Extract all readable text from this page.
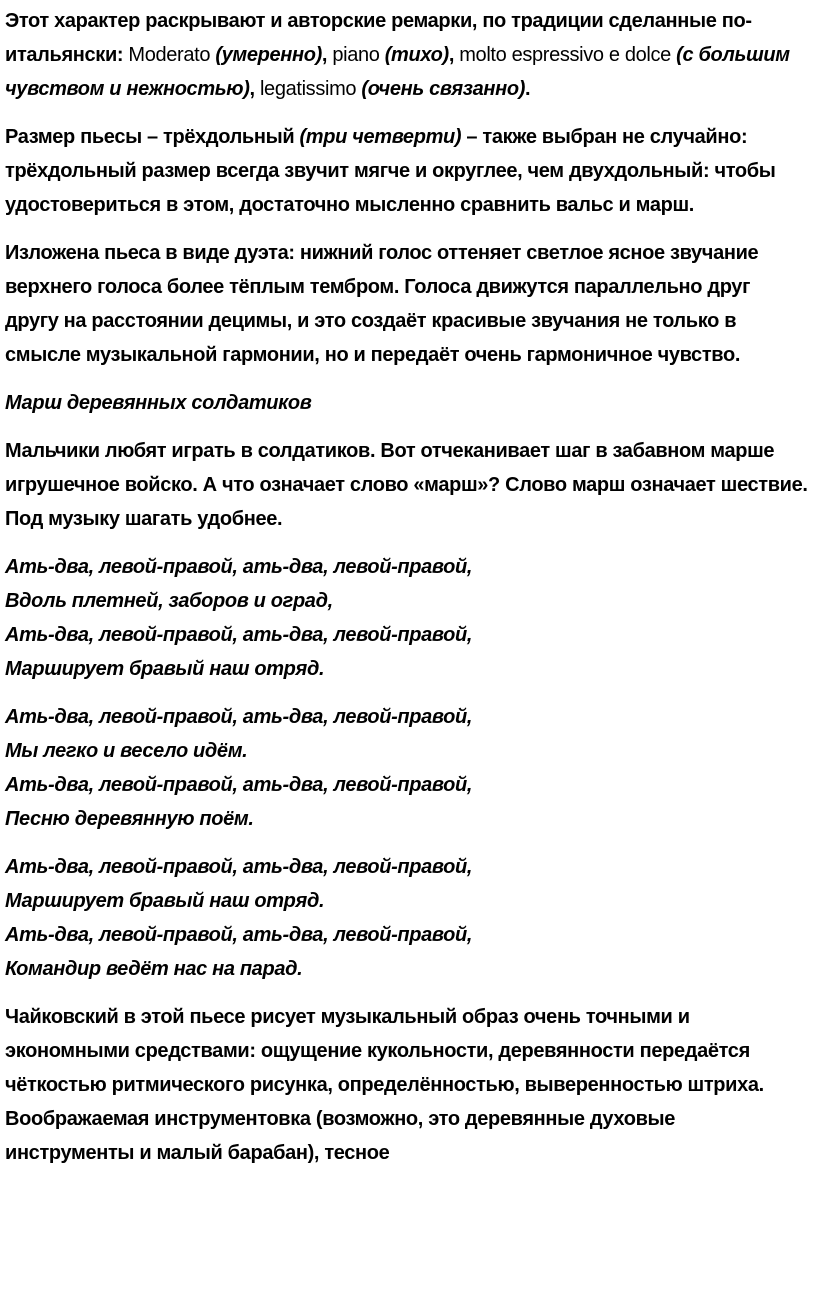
Этот характер раскрывают и авторские ремарки, по традиции сделанные по-итальянски: Moderato (умеренно), piano (тихо), molto espressivo e dolce (с большим чувством и нежностью), legatissimo (очень связанно).

Размер пьесы – трёхдольный (три четверти) – также выбран не случайно: трёхдольный размер всегда звучит мягче и округлее, чем двухдольный: чтобы удостовериться в этом, достаточно мысленно сравнить вальс и марш.

Изложена пьеса в виде дуэта: нижний голос оттеняет светлое ясное звучание верхнего голоса более тёплым тембром. Голоса движутся параллельно друг другу на расстоянии децимы, и это создаёт красивые звучания не только в смысле музыкальной гармонии, но и передаёт очень гармоничное чувство.

Марш деревянных солдатиков

Мальчики любят играть в солдатиков. Вот отчеканивает шаг в забавном марше игрушечное войско. А что означает слово «марш»? Слово марш означает шествие. Под музыку шагать удобнее.

Ать-два, левой-правой, ать-два, левой-правой,

Вдоль плетней, заборов и оград,

Ать-два, левой-правой, ать-два, левой-правой,

Марширует бравый наш отряд.

Ать-два, левой-правой, ать-два, левой-правой,

Мы легко и весело идём.

Ать-два, левой-правой, ать-два, левой-правой,

Песню деревянную поём.

Ать-два, левой-правой, ать-два, левой-правой,

Марширует бравый наш отряд.

Ать-два, левой-правой, ать-два, левой-правой,

Командир ведёт нас на парад.

Чайковский в этой пьесе рисует музыкальный образ очень точными и экономными средствами: ощущение кукольности, деревянности передаётся чёткостью ритмического рисунка, определённостью, выверенностью штриха. Воображаемая инструментовка (возможно, это деревянные духовые инструменты и малый барабан), тесное
